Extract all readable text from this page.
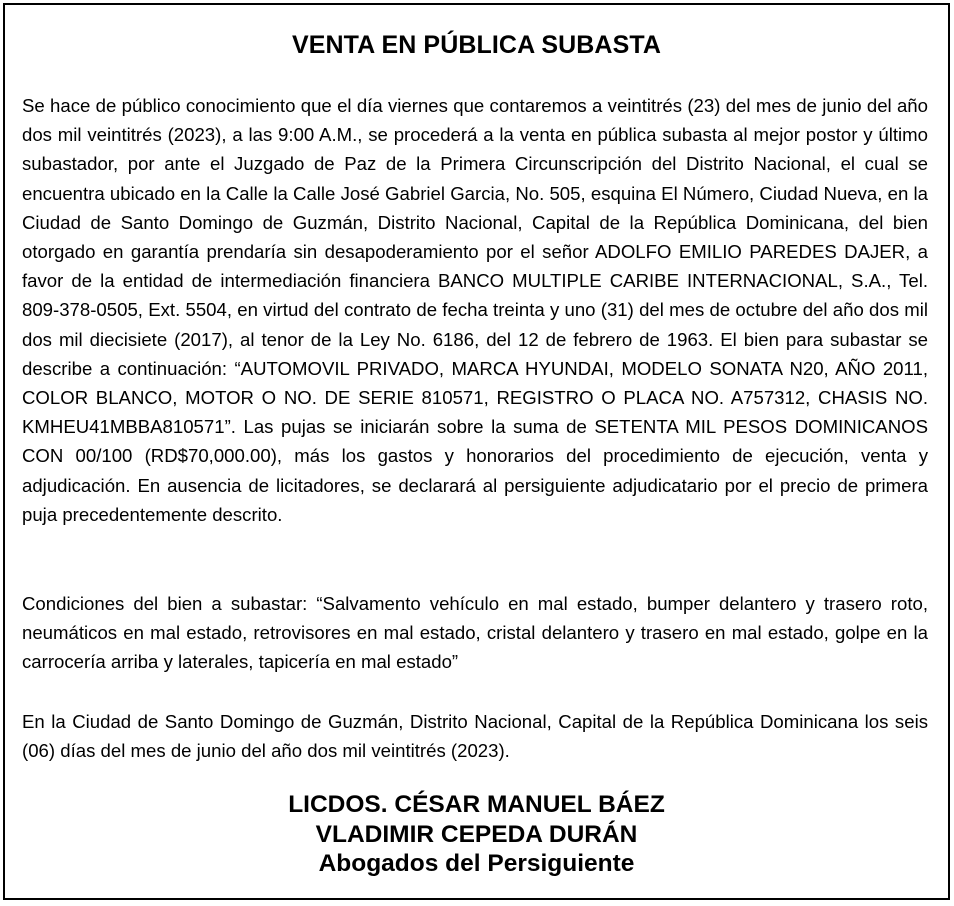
VENTA EN PÚBLICA SUBASTA

Se hace de público conocimiento que el día viernes que contaremos a veintitrés (23) del mes de junio del año dos mil veintitrés (2023), a las 9:00 A.M., se procederá a la venta en pública subasta al mejor postor y último subastador, por ante el Juzgado de Paz de la Primera Circunscripción del Distrito Nacional, el cual se encuentra ubicado en la Calle la Calle José Gabriel Garcia, No. 505, esquina El Número, Ciudad Nueva, en la Ciudad de Santo Domingo de Guzmán, Distrito Nacional, Capital de la República Dominicana, del bien otorgado en garantía prendaría sin desapoderamiento por el señor ADOLFO EMILIO PAREDES DAJER, a favor de la entidad de intermediación financiera BANCO MULTIPLE CARIBE INTERNACIONAL, S.A., Tel. 809-378-0505, Ext. 5504, en virtud del contrato de fecha treinta y uno (31) del mes de octubre del año dos mil dos mil diecisiete (2017), al tenor de la Ley No. 6186, del 12 de febrero de 1963. El bien para subastar se describe a continuación: “AUTOMOVIL PRIVADO, MARCA HYUNDAI, MODELO SONATA N20, AÑO 2011, COLOR BLANCO, MOTOR O NO. DE SERIE 810571, REGISTRO O PLACA NO. A757312, CHASIS NO. KMHEU41MBBA810571”. Las pujas se iniciarán sobre la suma de SETENTA MIL PESOS DOMINICANOS CON 00/100 (RD$70,000.00), más los gastos y honorarios del procedimiento de ejecución, venta y adjudicación. En ausencia de licitadores, se declarará al persiguiente adjudicatario por el precio de primera puja precedentemente descrito.

Condiciones del bien a subastar: “Salvamento vehículo en mal estado, bumper delantero y trasero roto, neumáticos en mal estado, retrovisores en mal estado, cristal delantero y trasero en mal estado, golpe en la carrocería arriba y laterales, tapicería en mal estado”

En la Ciudad de Santo Domingo de Guzmán, Distrito Nacional, Capital de la República Dominicana los seis (06) días del mes de junio del año dos mil veintitrés (2023).

LICDOS. CÉSAR MANUEL BÁEZ
VLADIMIR CEPEDA DURÁN
Abogados del Persiguiente
